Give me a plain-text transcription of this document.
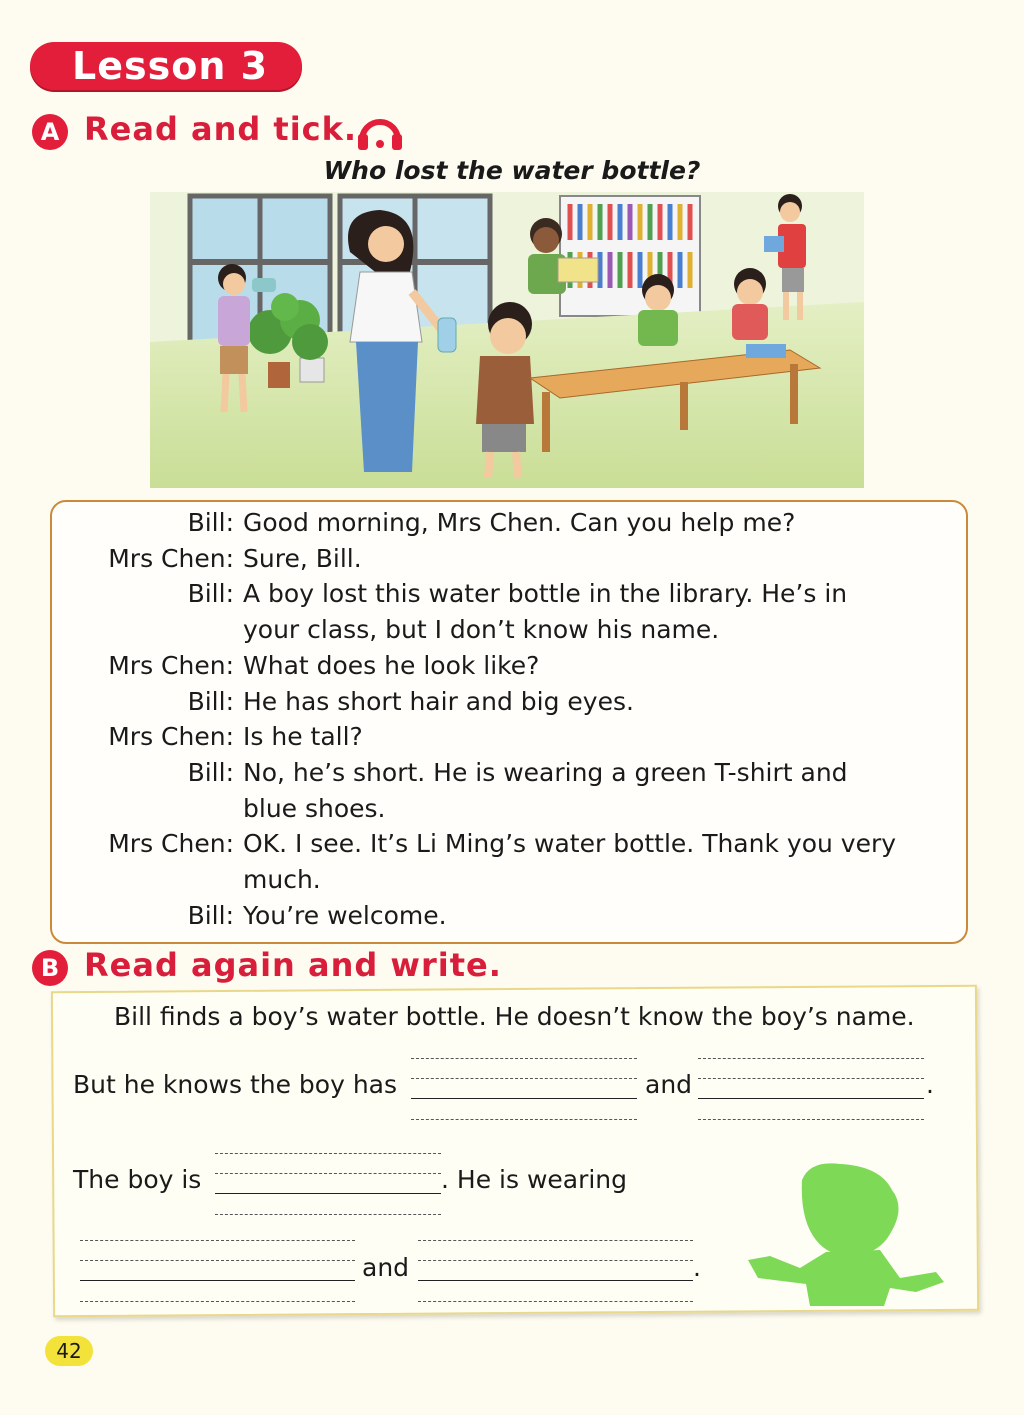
Lesson 3
A Read and tick.
Who lost the water bottle?
Bill: Good morning, Mrs Chen. Can you help me?
Mrs Chen: Sure, Bill.
Bill: A boy lost this water bottle in the library. He’s in
your class, but I don’t know his name.
Mrs Chen: What does he look like?
Bill: He has short hair and big eyes.
Mrs Chen: Is he tall?
Bill: No, he’s short. He is wearing a green T-shirt and
blue shoes.
Mrs Chen: OK. I see. It’s Li Ming’s water bottle. Thank you very
much.
Bill: You’re welcome.
B Read again and write.
Bill finds a boy’s water bottle. He doesn’t know the boy’s name.
But he knows the boy has	and	.
The boy is	. He is wearing
and	.
42
